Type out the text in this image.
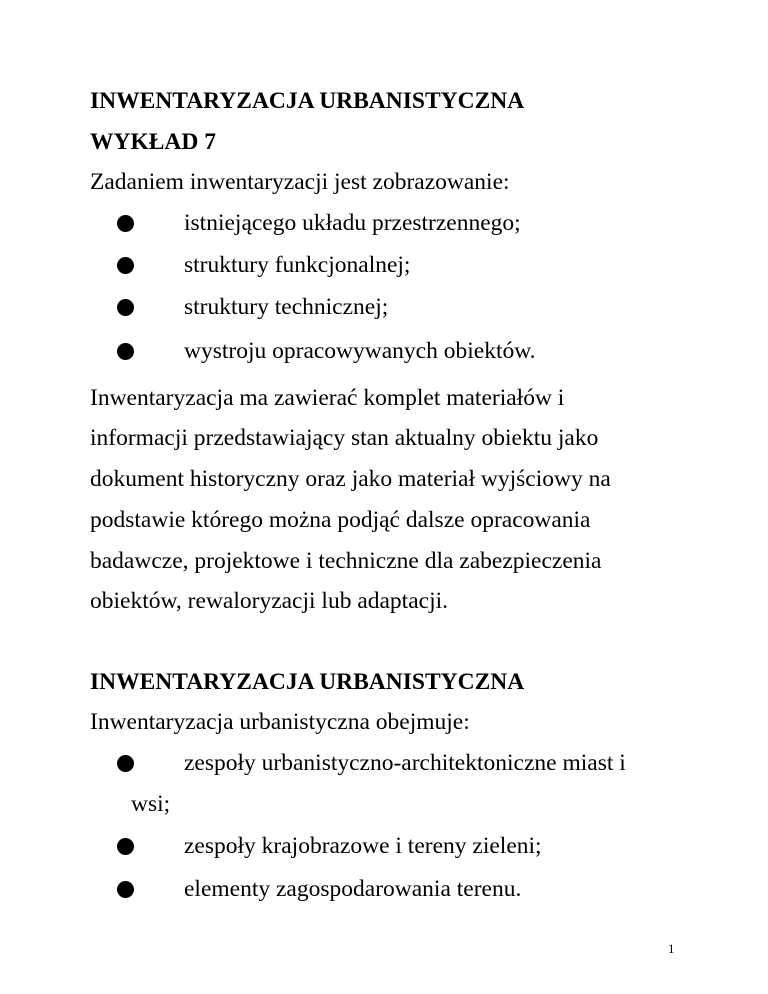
INWENTARYZACJA URBANISTYCZNA
WYKŁAD 7
Zadaniem inwentaryzacji jest zobrazowanie:
istniejącego układu przestrzennego;
struktury funkcjonalnej;
struktury technicznej;
wystroju opracowywanych obiektów.
Inwentaryzacja ma zawierać komplet materiałów i
informacji przedstawiający stan aktualny obiektu jako
dokument historyczny oraz jako materiał wyjściowy na
podstawie którego można podjąć dalsze opracowania
badawcze, projektowe i techniczne dla zabezpieczenia
obiektów, rewaloryzacji lub adaptacji.
INWENTARYZACJA URBANISTYCZNA
Inwentaryzacja urbanistyczna obejmuje:
zespoły urbanistyczno-architektoniczne miast i
wsi;
zespoły krajobrazowe i tereny zieleni;
elementy zagospodarowania terenu.
1
